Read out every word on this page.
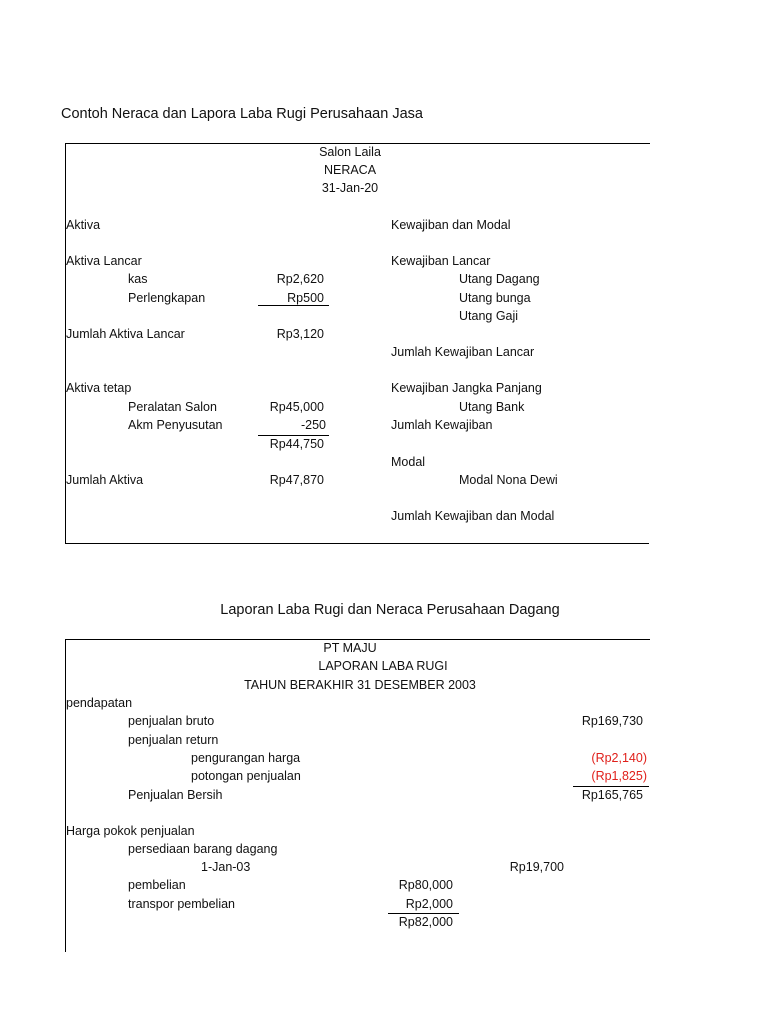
Contoh Neraca dan Lapora Laba Rugi Perusahaan Jasa
Salon Laila
NERACA
31-Jan-20
Aktiva
Aktiva Lancar
kas	Rp2,620
Perlengkapan	Rp500
Jumlah Aktiva Lancar	Rp3,120
Aktiva tetap
Peralatan Salon	Rp45,000
Akm Penyusutan	-250
Rp44,750
Jumlah Aktiva	Rp47,870
Kewajiban dan Modal
Kewajiban Lancar
Utang Dagang
Utang bunga
Utang Gaji
Jumlah Kewajiban Lancar
Kewajiban Jangka Panjang
Utang Bank
Jumlah Kewajiban
Modal
Modal Nona Dewi
Jumlah Kewajiban dan Modal
Laporan Laba Rugi dan Neraca Perusahaan Dagang
PT MAJU
LAPORAN LABA RUGI
TAHUN BERAKHIR 31 DESEMBER 2003
pendapatan
penjualan bruto	Rp169,730
penjualan return
pengurangan harga	(Rp2,140)
potongan penjualan	(Rp1,825)
Penjualan Bersih	Rp165,765
Harga pokok penjualan
persediaan barang dagang
1-Jan-03	Rp19,700
pembelian	Rp80,000
transpor pembelian	Rp2,000
Rp82,000
